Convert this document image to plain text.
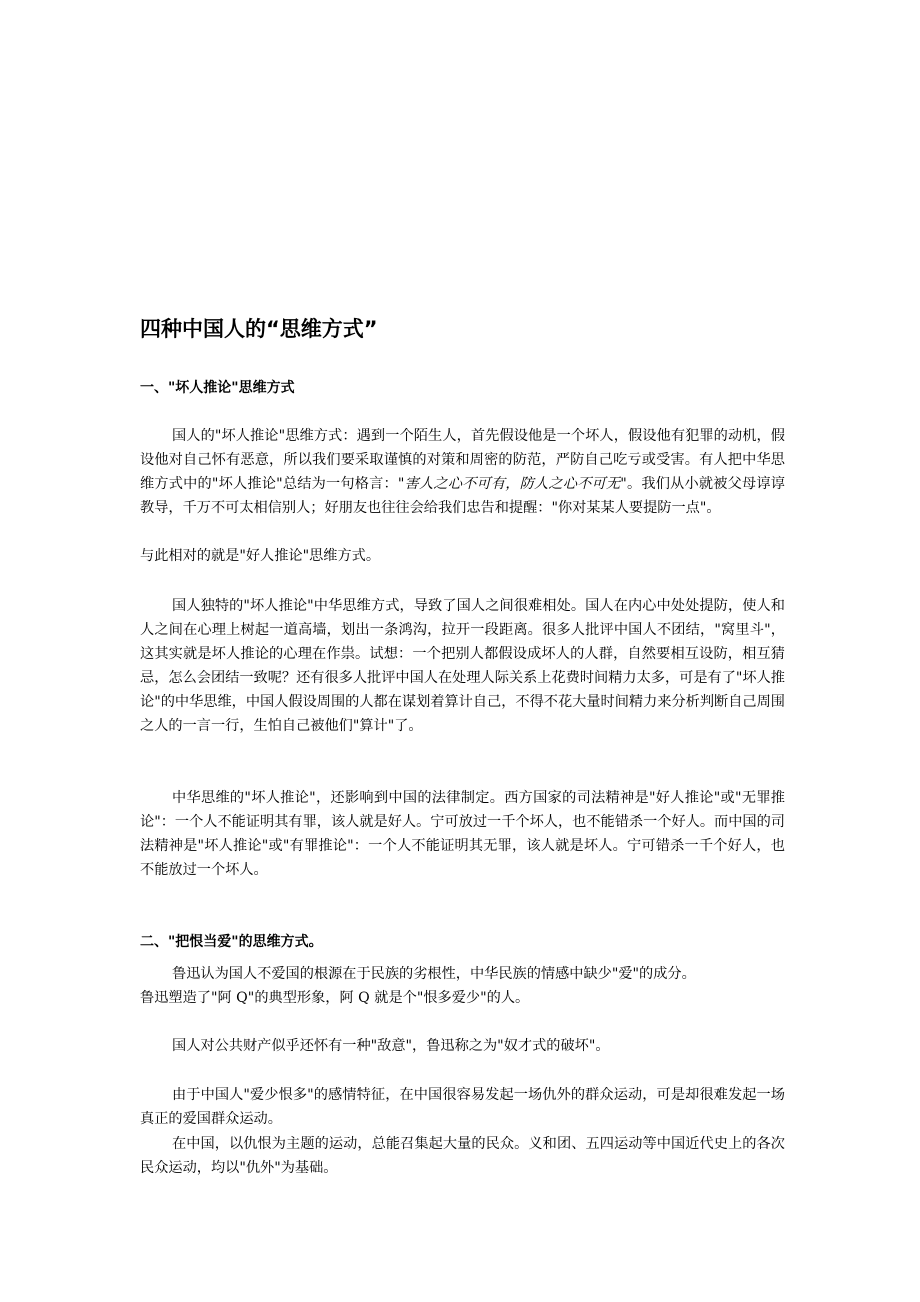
四种中国人的“思维方式”
一、"坏人推论"思维方式

国人的"坏人推论"思维方式：遇到一个陌生人，首先假设他是一个坏人，假设他有犯罪的动机，假设他对自己怀有恶意，所以我们要采取谨慎的对策和周密的防范，严防自己吃亏或受害。有人把中华思维方式中的"坏人推论"总结为一句格言："害人之心不可有，防人之心不可无"。我们从小就被父母谆谆教导，千万不可太相信别人；好朋友也往往会给我们忠告和提醒："你对某某人要提防一点"。

与此相对的就是"好人推论"思维方式。

国人独特的"坏人推论"中华思维方式，导致了国人之间很难相处。国人在内心中处处提防，使人和人之间在心理上树起一道高墙，划出一条鸿沟，拉开一段距离。很多人批评中国人不团结，"窝里斗"，这其实就是坏人推论的心理在作祟。试想：一个把别人都假设成坏人的人群，自然要相互设防，相互猜忌，怎么会团结一致呢？还有很多人批评中国人在处理人际关系上花费时间精力太多，可是有了"坏人推论"的中华思维，中国人假设周围的人都在谋划着算计自己，不得不花大量时间精力来分析判断自己周围之人的一言一行，生怕自己被他们"算计"了。

中华思维的"坏人推论"，还影响到中国的法律制定。西方国家的司法精神是"好人推论"或"无罪推论"：一个人不能证明其有罪，该人就是好人。宁可放过一千个坏人，也不能错杀一个好人。而中国的司法精神是"坏人推论"或"有罪推论"：一个人不能证明其无罪，该人就是坏人。宁可错杀一千个好人，也不能放过一个坏人。

二、"把恨当爱"的思维方式。

鲁迅认为国人不爱国的根源在于民族的劣根性，中华民族的情感中缺少"爱"的成分。

鲁迅塑造了"阿 Q"的典型形象，阿 Q 就是个"恨多爱少"的人。

国人对公共财产似乎还怀有一种"敌意"，鲁迅称之为"奴才式的破坏"。

由于中国人"爱少恨多"的感情特征，在中国很容易发起一场仇外的群众运动，可是却很难发起一场真正的爱国群众运动。

在中国，以仇恨为主题的运动，总能召集起大量的民众。义和团、五四运动等中国近代史上的各次民众运动，均以"仇外"为基础。
